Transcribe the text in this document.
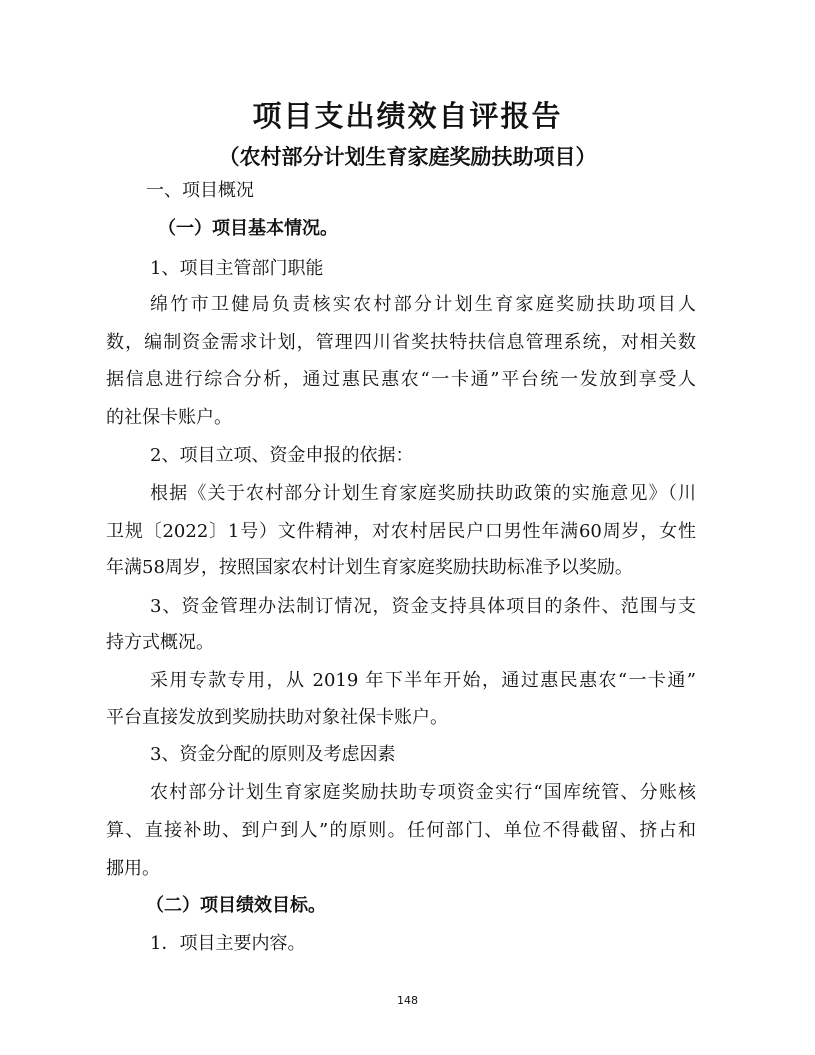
项目支出绩效自评报告
（农村部分计划生育家庭奖励扶助项目）
一、项目概况
（一）项目基本情况。
1、项目主管部门职能
绵竹市卫健局负责核实农村部分计划生育家庭奖励扶助项目人
数，编制资金需求计划，管理四川省奖扶特扶信息管理系统，对相关数
据信息进行综合分析，通过惠民惠农“一卡通”平台统一发放到享受人
的社保卡账户。
2、项目立项、资金申报的依据：
根据《关于农村部分计划生育家庭奖励扶助政策的实施意见》（川
卫规〔2022〕1号）文件精神，对农村居民户口男性年满60周岁，女性
年满58周岁，按照国家农村计划生育家庭奖励扶助标准予以奖励。
3、资金管理办法制订情况，资金支持具体项目的条件、范围与支
持方式概况。
采用专款专用，从 2019 年下半年开始，通过惠民惠农“一卡通”
平台直接发放到奖励扶助对象社保卡账户。
3、资金分配的原则及考虑因素
农村部分计划生育家庭奖励扶助专项资金实行“国库统管、分账核
算、直接补助、到户到人”的原则。任何部门、单位不得截留、挤占和
挪用。
（二）项目绩效目标。
1．项目主要内容。
148
